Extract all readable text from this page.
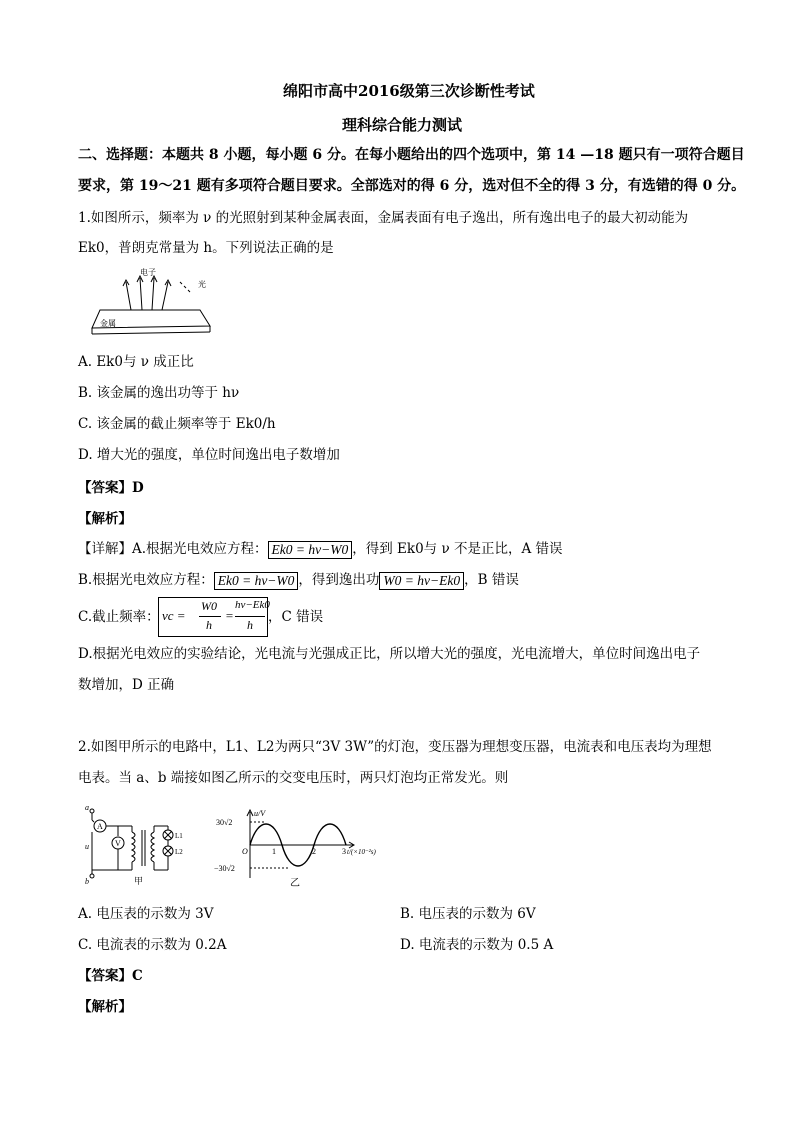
绵阳市高中2016级第三次诊断性考试
理科综合能力测试
二、选择题：本题共 8 小题，每小题 6 分。在每小题给出的四个选项中，第 14 —18 题只有一项符合题目
要求，第 19～21 题有多项符合题目要求。全部选对的得 6 分，选对但不全的得 3 分，有选错的得 0 分。
1.如图所示，频率为 ν 的光照射到某种金属表面，金属表面有电子逸出，所有逸出电子的最大初动能为
Ek0，普朗克常量为 h。下列说法正确的是
金属
电子
光
A. Ek0与 ν 成正比
B. 该金属的逸出功等于 hν
C. 该金属的截止频率等于 Ek0/h
D. 增大光的强度，单位时间逸出电子数增加
【答案】D
【解析】
【详解】A.根据光电效应方程： Ek0 = hν−W0 ，得到 Ek0与 ν 不是正比，A 错误
B.根据光电效应方程： Ek0 = hν−W0 ，得到逸出功 W0 = hν−Ek0 ，B 错误
C.截止频率： νc =
W0
h
=
hν−Ek0
h ，C 错误
D.根据光电效应的实验结论，光电流与光强成正比，所以增大光的强度，光电流增大，单位时间逸出电子
数增加，D 正确
2.如图甲所示的电路中，L1、L2为两只“3V 3W”的灯泡，变压器为理想变压器，电流表和电压表均为理想
电表。当 a、b 端接如图乙所示的交变电压时，两只灯泡均正常发光。则
a
u
b
A
V
L1
L2
甲
u/V
30√2
−30√2
O	1	2	3 t/(×10⁻²s)
乙
A. 电压表的示数为 3V	B. 电压表的示数为 6V
C. 电流表的示数为 0.2A	D. 电流表的示数为 0.5 A
【答案】C
【解析】
